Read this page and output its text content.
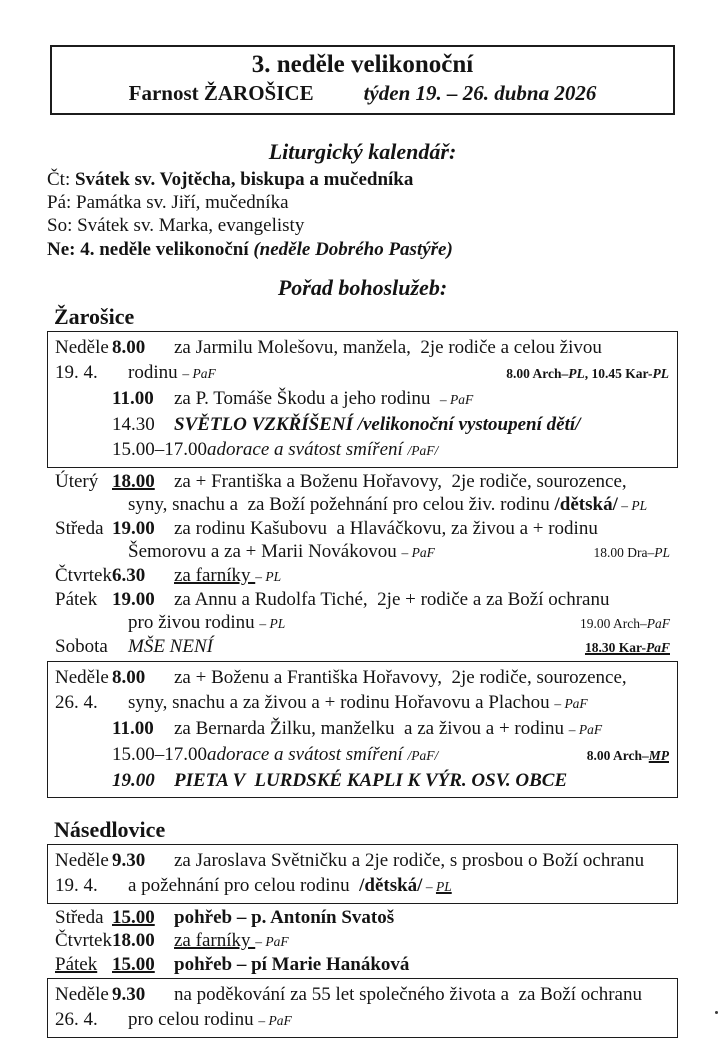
3. neděle velikonoční
Farnost ŽAROŠICE týden 19. – 26. dubna 2026
Liturgický kalendář:
Čt: Svátek sv. Vojtěcha, biskupa a mučedníka
Pá: Památka sv. Jiří, mučedníka
So: Svátek sv. Marka, evangelisty
Ne: 4. neděle velikonoční (neděle Dobrého Pastýře)
Pořad bohoslužeb:
Žarošice
Neděle 8.00	za Jarmilu Molešovu, manžela,  2je rodiče a celou živou
19. 4.	rodinu – PaF	8.00 Arch–PL, 10.45 Kar-PL
11.00	za P. Tomáše Škodu a jeho rodinu  – PaF
14.30	SVĚTLO VZKŘÍŠENÍ /velikonoční vystoupení dětí/
15.00–17.00 adorace a svátost smíření /PaF/
Úterý 18.00	za + Františka a Boženu Hořavovy,  2je rodiče, sourozence,
syny, snachu a  za Boží požehnání pro celou živ. rodinu /dětská/ – PL
Středa 19.00	za rodinu Kašubovu  a Hlaváčkovu, za živou a + rodinu
Šemorovu a za + Marii Novákovou – PaF	18.00 Dra–PL
Čtvrtek 6.30	za farníky – PL
Pátek 19.00	za Annu a Rudolfa Tiché,  2je + rodiče a za Boží ochranu
pro živou rodinu – PL	19.00 Arch–PaF
Sobota	MŠE NENÍ	18.30 Kar-PaF
Neděle 8.00	za + Boženu a Františka Hořavovy,  2je rodiče, sourozence,
26. 4.	syny, snachu a za živou a + rodinu Hořavovu a Plachou – PaF
11.00	za Bernarda Žilku, manželku  a za živou a + rodinu – PaF
15.00–17.00 adorace a svátost smíření /PaF/	8.00 Arch–MP
19.00	PIETA V  LURDSKÉ KAPLI K VÝR. OSV. OBCE
Násedlovice
Neděle 9.30	za Jaroslava Světničku a 2je rodiče, s prosbou o Boží ochranu
19. 4.	a požehnání pro celou rodinu  /dětská/ – PL
Středa 15.00	pohřeb – p. Antonín Svatoš
Čtvrtek 18.00	za farníky – PaF
Pátek 15.00	pohřeb – pí Marie Hanáková
Neděle 9.30	na poděkování za 55 let společného života a  za Boží ochranu
26. 4.	pro celou rodinu – PaF
